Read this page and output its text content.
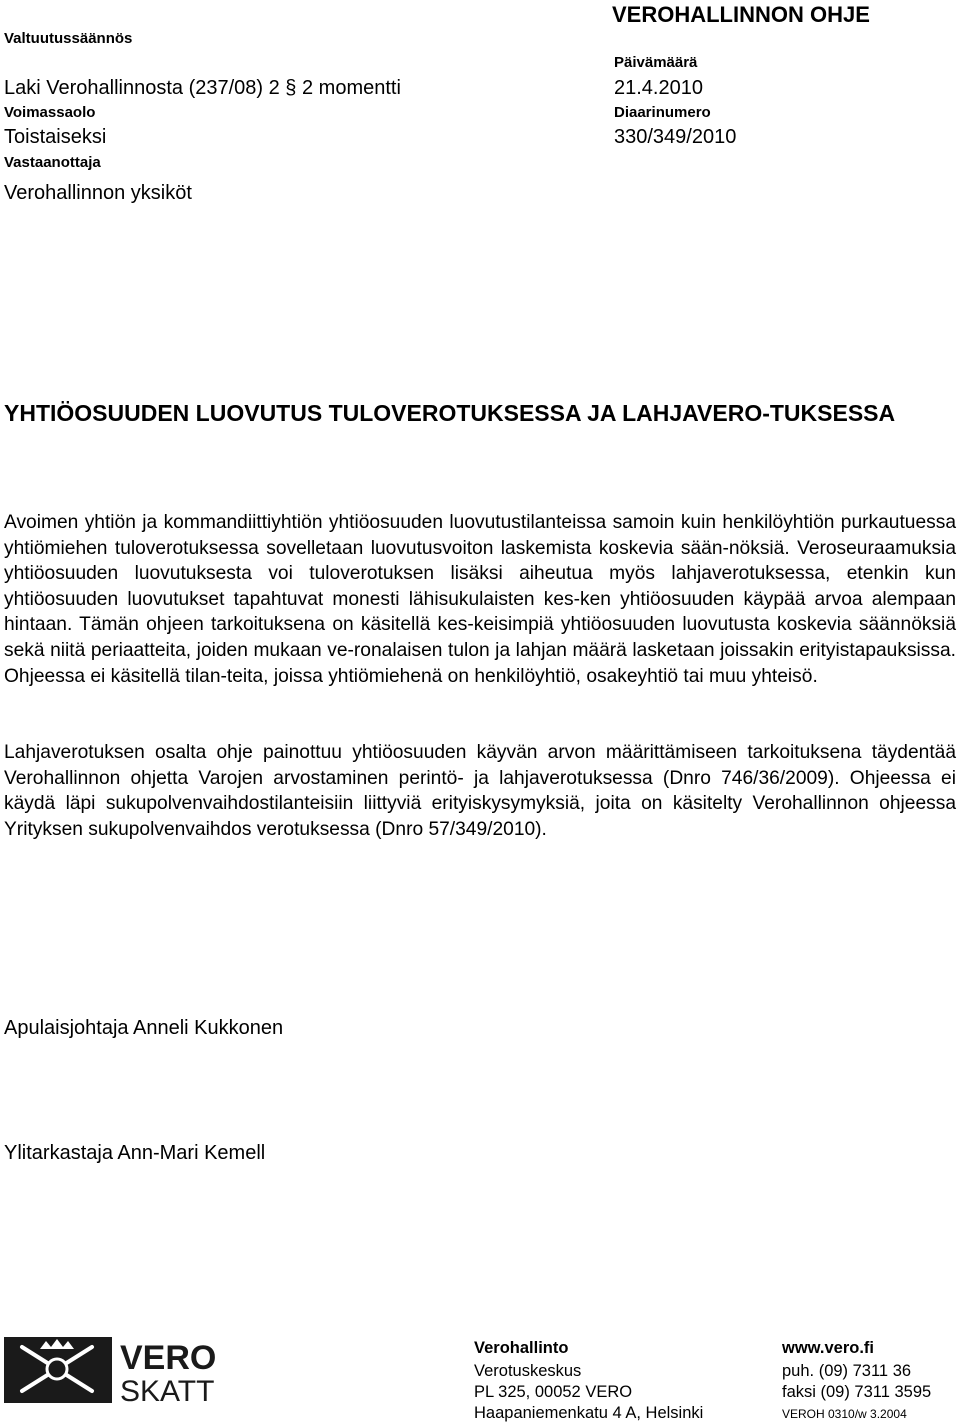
VEROHALLINNON OHJE
Valtuutussäännös
Laki Verohallinnosta (237/08) 2 § 2 momentti
Voimassaolo
Toistaiseksi
Vastaanottaja
Verohallinnon yksiköt
Päivämäärä
21.4.2010
Diaarinumero
330/349/2010
YHTIÖOSUUDEN LUOVUTUS TULOVEROTUKSESSA JA LAHJAVERO-TUKSESSA

Avoimen yhtiön ja kommandiittiyhtiön yhtiöosuuden luovutustilanteissa samoin kuin henkilöyhtiön purkautuessa yhtiömiehen tuloverotuksessa sovelletaan luovutusvoiton laskemista koskevia sään-nöksiä. Veroseuraamuksia yhtiöosuuden luovutuksesta voi tuloverotuksen lisäksi aiheutua myös lahjaverotuksessa, etenkin kun yhtiöosuuden luovutukset tapahtuvat monesti lähisukulaisten kes-ken yhtiöosuuden käypää arvoa alempaan hintaan. Tämän ohjeen tarkoituksena on käsitellä kes-keisimpiä yhtiöosuuden luovutusta koskevia säännöksiä sekä niitä periaatteita, joiden mukaan ve-ronalaisen tulon ja lahjan määrä lasketaan joissakin erityistapauksissa. Ohjeessa ei käsitellä tilan-teita, joissa yhtiömiehenä on henkilöyhtiö, osakeyhtiö tai muu yhteisö.

Lahjaverotuksen osalta ohje painottuu yhtiöosuuden käyvän arvon määrittämiseen tarkoituksena täydentää Verohallinnon ohjetta Varojen arvostaminen perintö- ja lahjaverotuksessa (Dnro 746/36/2009). Ohjeessa ei käydä läpi sukupolvenvaihdostilanteisiin liittyviä erityiskysymyksiä, joita on käsitelty Verohallinnon ohjeessa Yrityksen sukupolvenvaihdos verotuksessa (Dnro 57/349/2010).

Apulaisjohtaja Anneli Kukkonen
Ylitarkastaja Ann-Mari Kemell
VERO
SKATT
Verohallinto
Verotuskeskus
PL 325, 00052 VERO
Haapaniemenkatu 4 A, Helsinki
www.vero.fi
puh. (09) 7311 36
faksi (09) 7311 3595
VEROH 0310/w 3.2004
